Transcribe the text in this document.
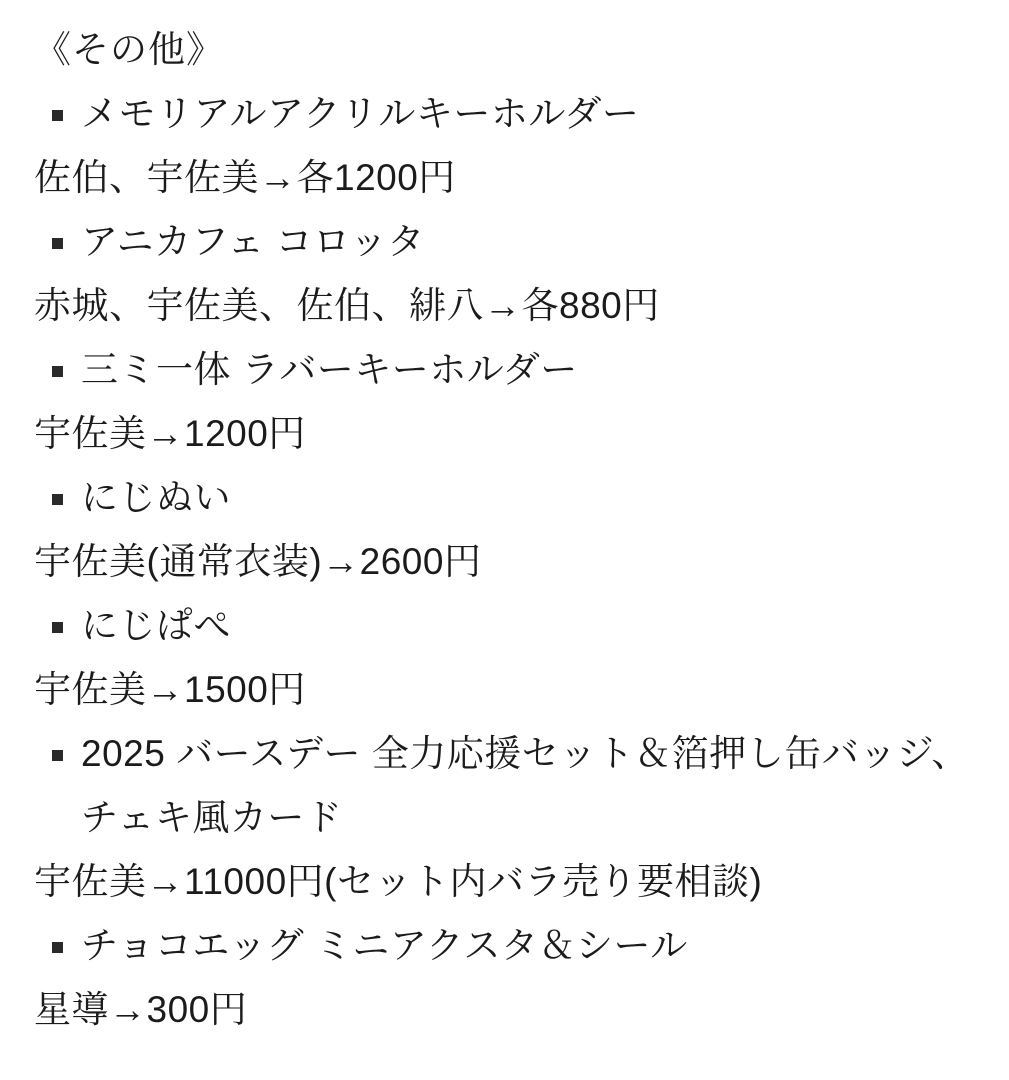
《その他》
メモリアルアクリルキーホルダー
佐伯、宇佐美→各1200円
アニカフェ コロッタ
赤城、宇佐美、佐伯、緋八→各880円
三ミ一体 ラバーキーホルダー
宇佐美→1200円
にじぬい
宇佐美(通常衣装)→2600円
にじぱぺ
宇佐美→1500円
2025 バースデー 全力応援セット＆箔押し缶バッジ、チェキ風カード
宇佐美→11000円(セット内バラ売り要相談)
チョコエッグ ミニアクスタ＆シール
星導→300円
